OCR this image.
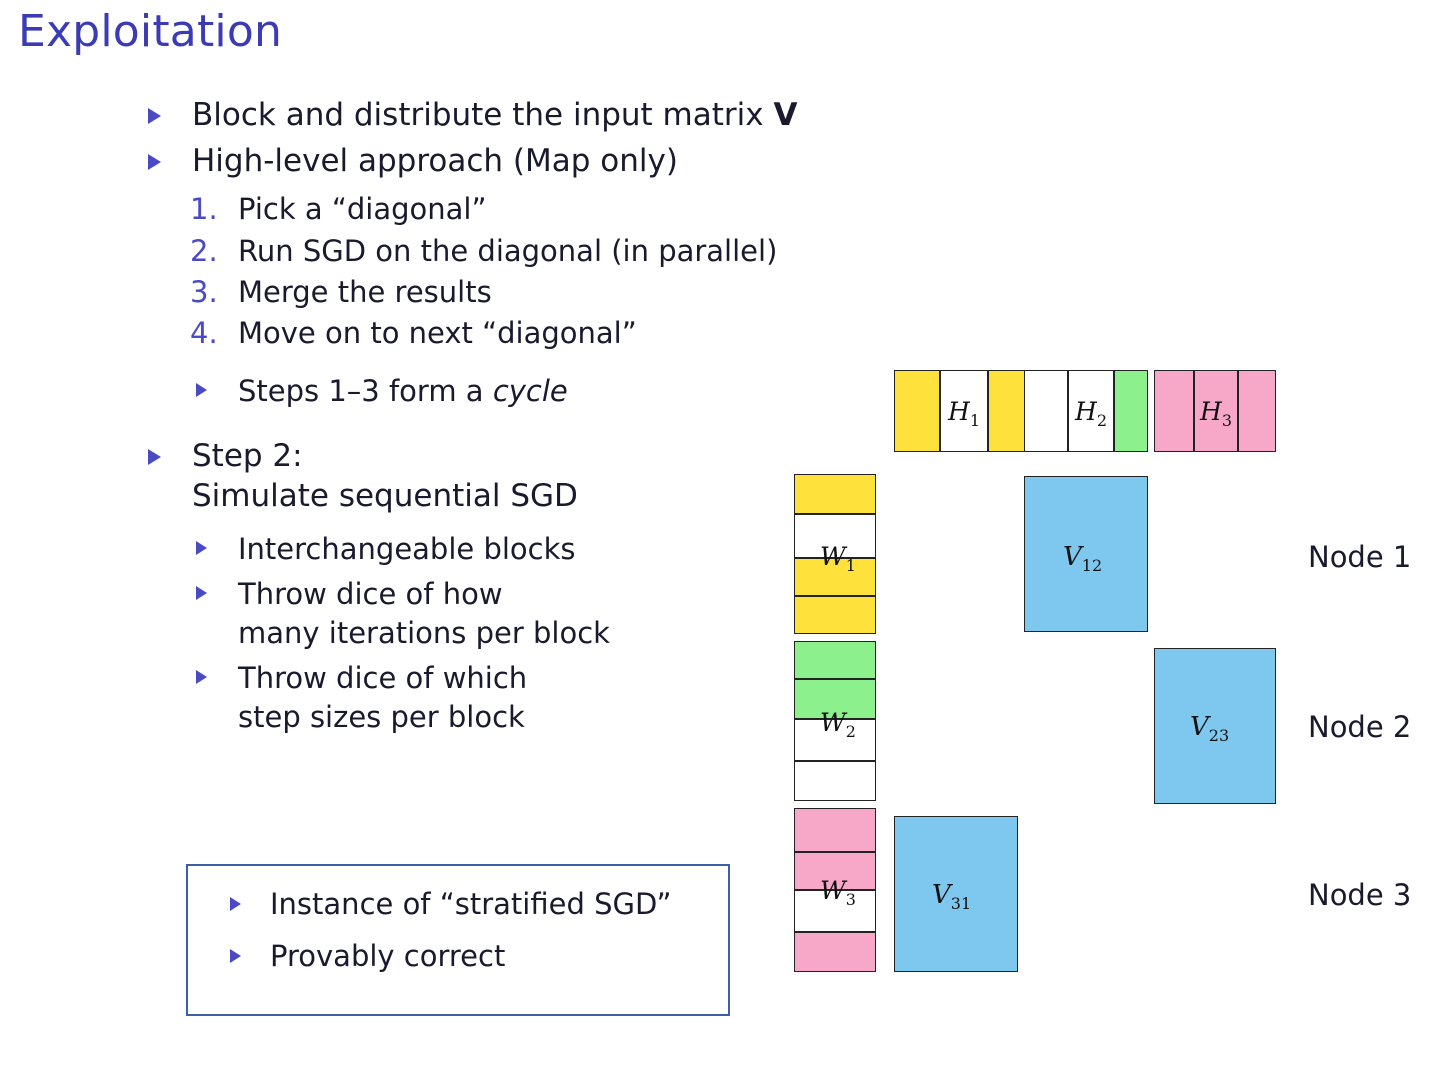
Exploitation
Block and distribute the input matrix V
High-level approach (Map only)
1. Pick a “diagonal”
2. Run SGD on the diagonal (in parallel)
3. Merge the results
4. Move on to next “diagonal”
Steps 1–3 form a cycle
Step 2:
Simulate sequential SGD
Interchangeable blocks
Throw dice of how
many iterations per block
Throw dice of which
step sizes per block
Instance of “stratified SGD”
Provably correct
$H_1$	$H_2$	$H_3$
$W_1$
$W_2$
$W_3$
$V_{12}$
$V_{23}$
$V_{31}$
Node 1
Node 2
Node 3
